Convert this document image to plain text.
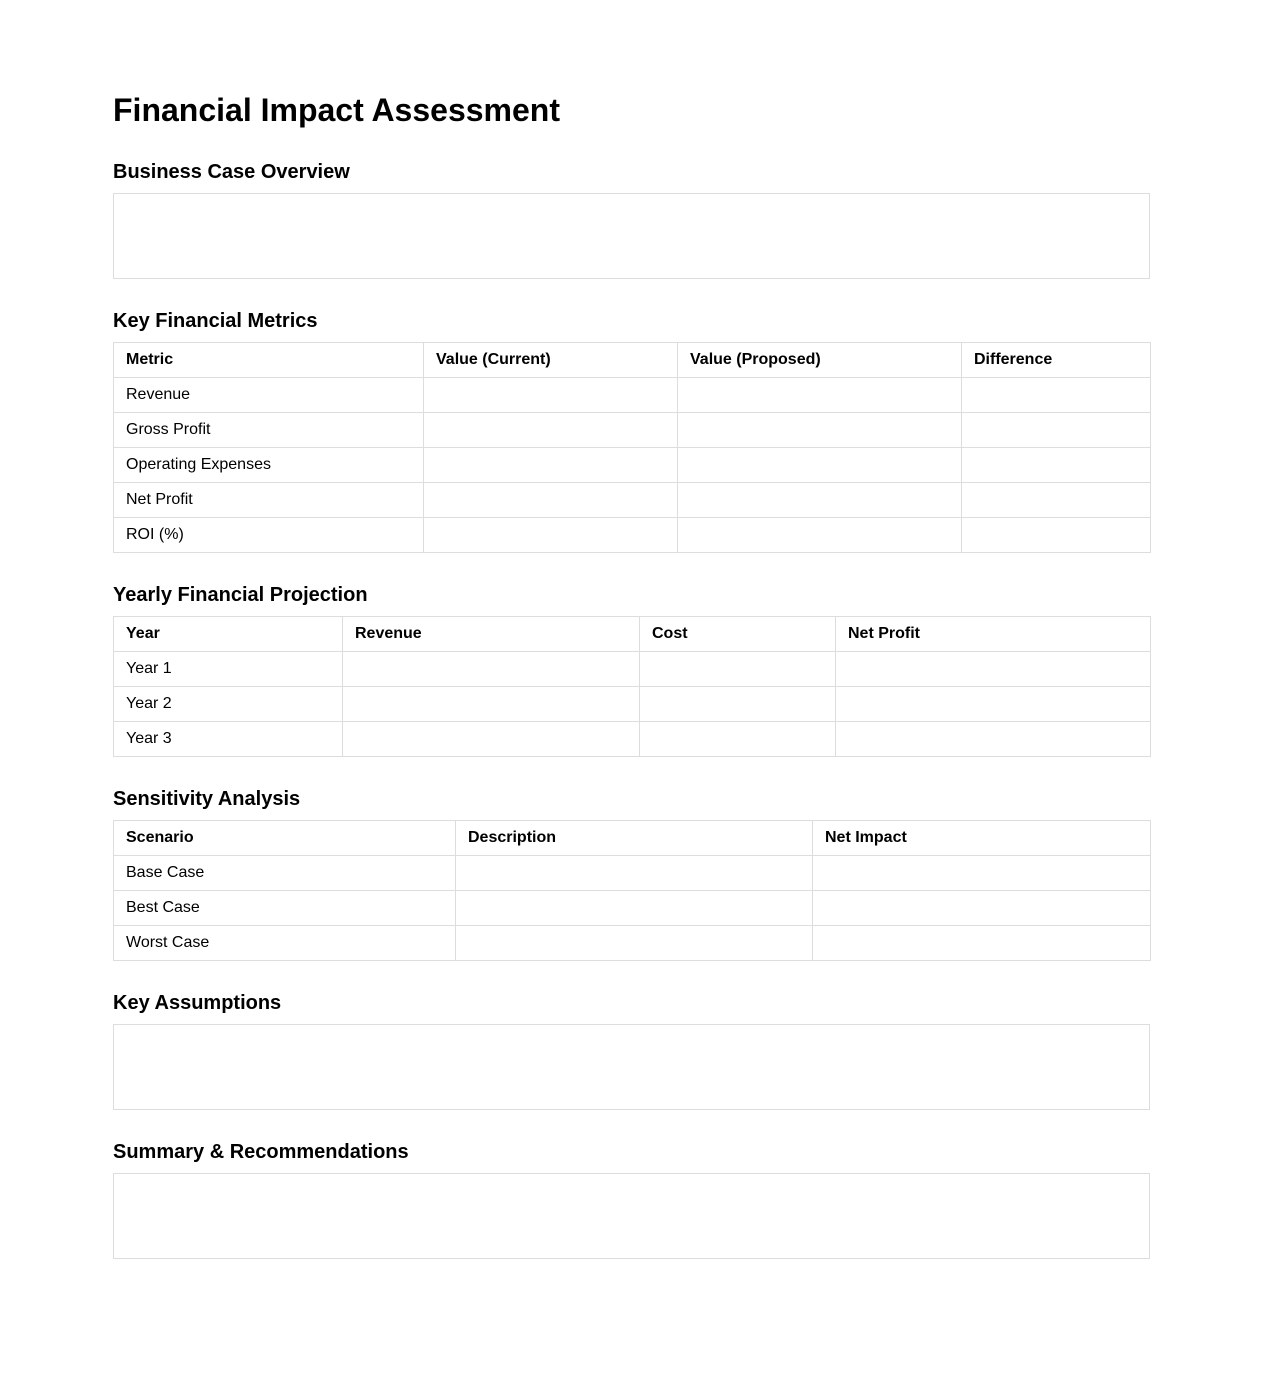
Financial Impact Assessment
Business Case Overview
Key Financial Metrics
Metric	Value (Current)	Value (Proposed)	Difference
Revenue			
Gross Profit			
Operating Expenses			
Net Profit			
ROI (%)			
Yearly Financial Projection
Year	Revenue	Cost	Net Profit
Year 1			
Year 2			
Year 3			
Sensitivity Analysis
Scenario	Description	Net Impact
Base Case		
Best Case		
Worst Case		
Key Assumptions
Summary & Recommendations
